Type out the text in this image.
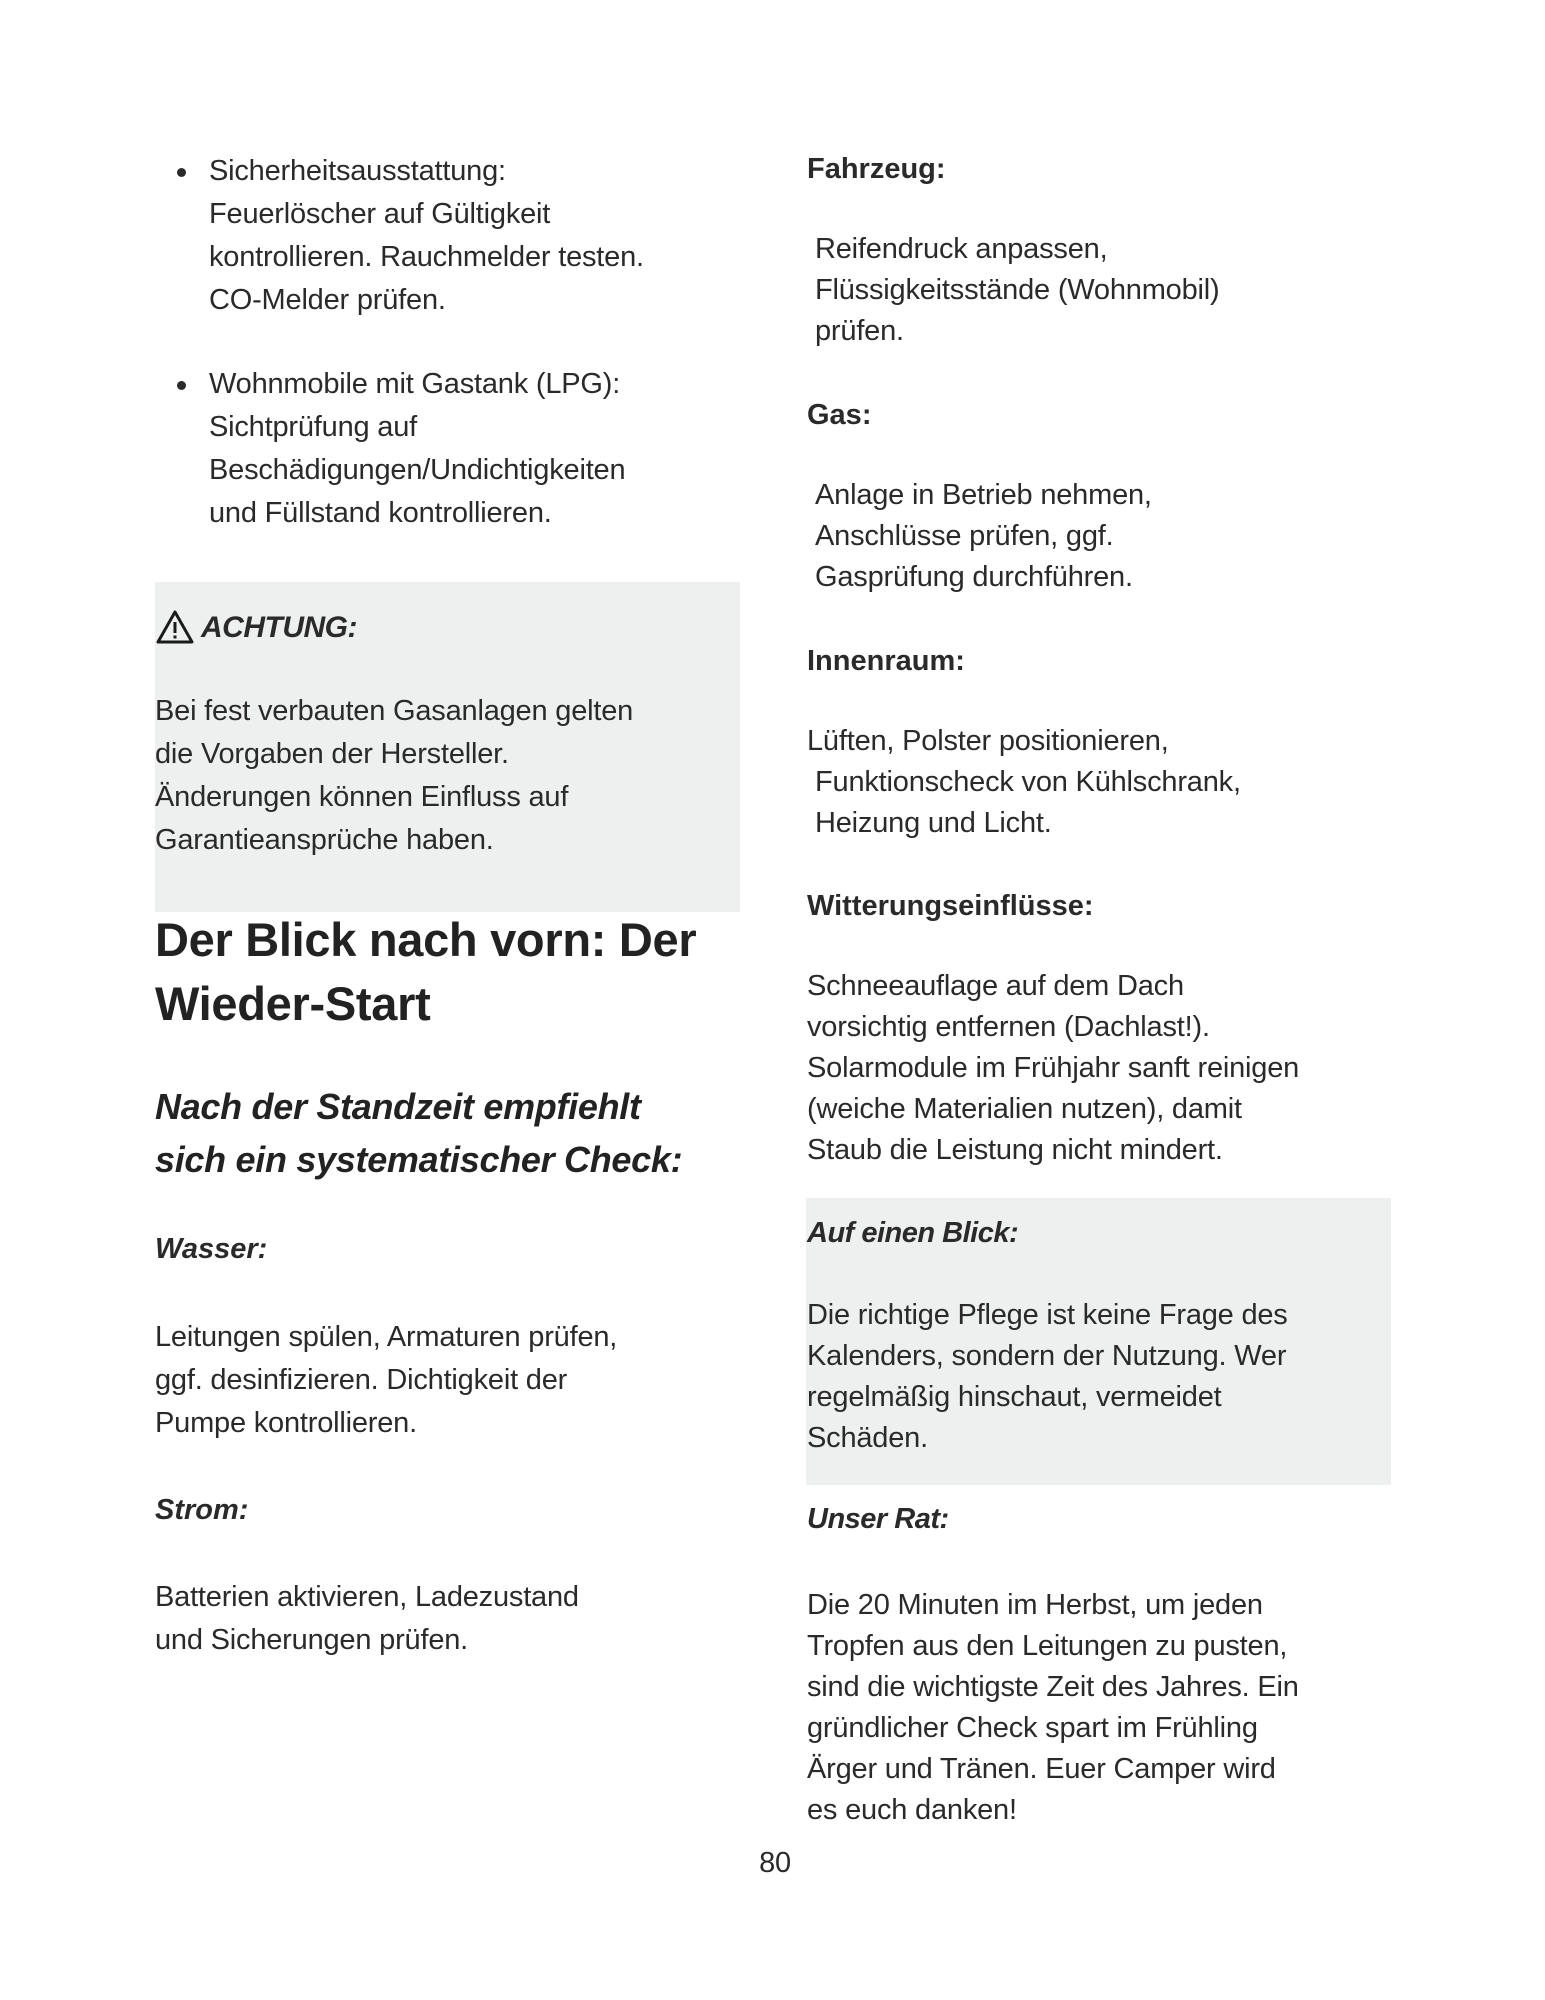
Sicherheitsausstattung:
Feuerlöscher auf Gültigkeit
kontrollieren. Rauchmelder testen.
CO-Melder prüfen.
Wohnmobile mit Gastank (LPG):
Sichtprüfung auf
Beschädigungen/Undichtigkeiten
und Füllstand kontrollieren.
ACHTUNG:
Bei fest verbauten Gasanlagen gelten
die Vorgaben der Hersteller.
Änderungen können Einfluss auf
Garantieansprüche haben.
Der Blick nach vorn: Der
Wieder-Start
Nach der Standzeit empfiehlt
sich ein systematischer Check:
Wasser:
Leitungen spülen, Armaturen prüfen,
ggf. desinfizieren. Dichtigkeit der
Pumpe kontrollieren.
Strom:
Batterien aktivieren, Ladezustand
und Sicherungen prüfen.
Fahrzeug:
Reifendruck anpassen,
Flüssigkeitsstände (Wohnmobil)
prüfen.
Gas:
Anlage in Betrieb nehmen,
Anschlüsse prüfen, ggf.
Gasprüfung durchführen.
Innenraum:
Lüften, Polster positionieren,
Funktionscheck von Kühlschrank,
Heizung und Licht.
Witterungseinflüsse:
Schneeauflage auf dem Dach
vorsichtig entfernen (Dachlast!).
Solarmodule im Frühjahr sanft reinigen
(weiche Materialien nutzen), damit
Staub die Leistung nicht mindert.
Auf einen Blick:
Die richtige Pflege ist keine Frage des
Kalenders, sondern der Nutzung. Wer
regelmäßig hinschaut, vermeidet
Schäden.
Unser Rat:
Die 20 Minuten im Herbst, um jeden
Tropfen aus den Leitungen zu pusten,
sind die wichtigste Zeit des Jahres. Ein
gründlicher Check spart im Frühling
Ärger und Tränen. Euer Camper wird
es euch danken!
80
